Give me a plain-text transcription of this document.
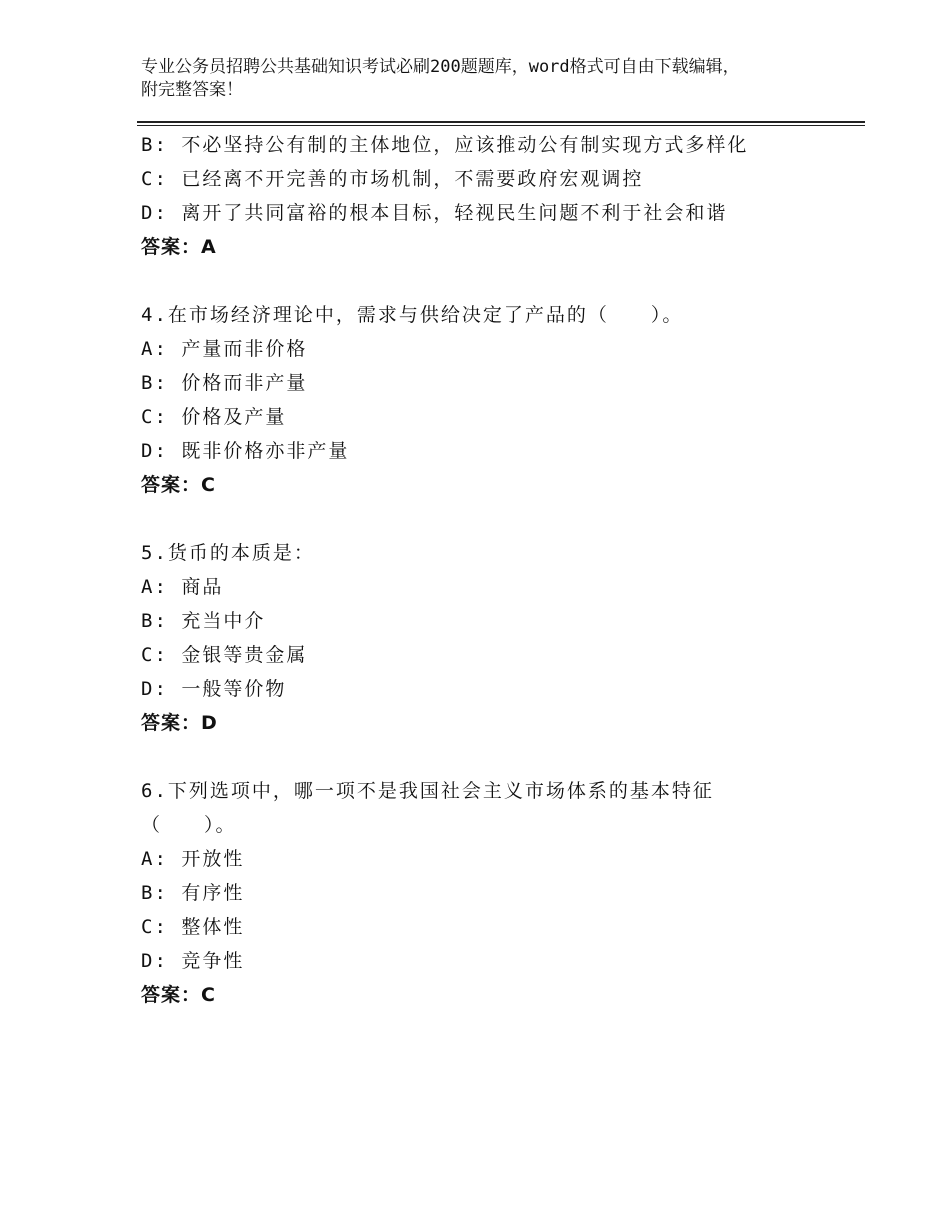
专业公务员招聘公共基础知识考试必刷200题题库，word格式可自由下载编辑，
附完整答案！
B: 不必坚持公有制的主体地位，应该推动公有制实现方式多样化
C: 已经离不开完善的市场机制，不需要政府宏观调控
D: 离开了共同富裕的根本目标，轻视民生问题不利于社会和谐
答案：A
4.在市场经济理论中，需求与供给决定了产品的（　　）。
A: 产量而非价格
B: 价格而非产量
C: 价格及产量
D: 既非价格亦非产量
答案：C
5.货币的本质是：
A: 商品
B: 充当中介
C: 金银等贵金属
D: 一般等价物
答案：D
6.下列选项中，哪一项不是我国社会主义市场体系的基本特征
（　　）。
A: 开放性
B: 有序性
C: 整体性
D: 竞争性
答案：C
